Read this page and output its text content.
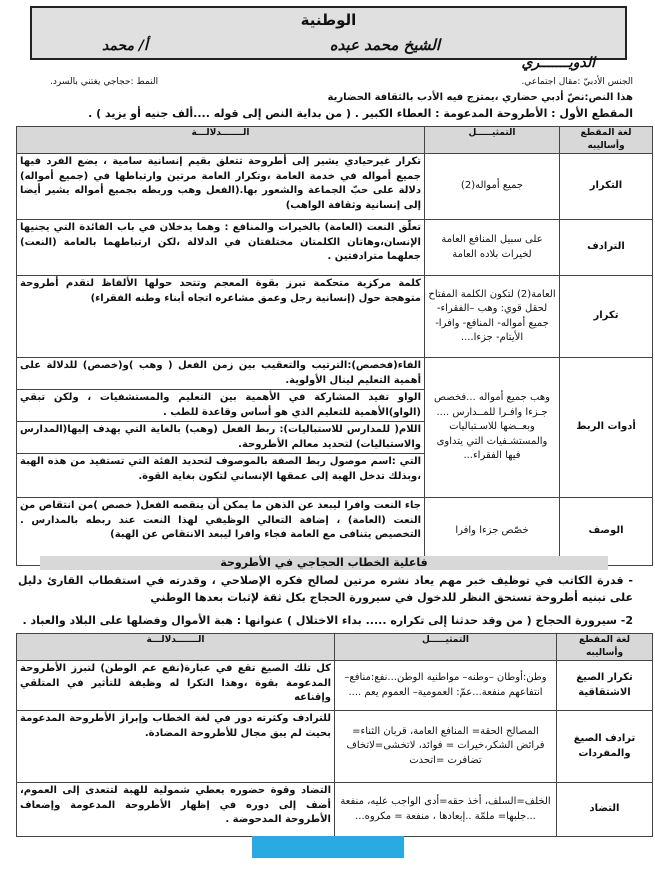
الوطنية
الشيخ محمد عبده
أ/ محمد
الدويـــــــري
الجنس الأدبيّ :مقال اجتماعي.
النمط :حجاجي يغتني بالسرد.
هذا النص:نصّ أدبي حضاري ،يمتزج فيه الأدب بالثقافة الحضارية
المقطع الأول : الأطروحة المدعومة : العطاء الكبير . ( من بداية النص إلى قوله ....ألف جنيه أو يزيد ) .
لغة المقطع وأساليبه	التمثيـــــل	الـــــــدلالـــة
التكرار	جميع أمواله(2)	تكرار غيرحيادي يشير إلى أطروحة تتعلق بقيم إنسانية سامية ، يضع الفرد فيها جميع أمواله في خدمة العامة ،وتكرار العامة مرتين وارتباطها في (جميع أمواله) دلالة على حبّ الجماعة والشعور بها.(الفعل وهب وربطه بجميع أمواله يشير أيضا إلى إنسانية وثقافة الواهب)
الترادف	على سبيل المنافع العامة لخيرات بلاده العامة	تعلّق النعت (العامة) بالخيرات والمنافع : وهما يدخلان في باب الفائدة التي يجنيها الإنسان،وهاتان الكلمتان مختلفتان في الدلالة ،لكن ارتباطهما بالعامة (النعت) جعلهما مترادفتين .
تكرار	العامة(2) لتكون الكلمة المفتاح لحقل قوي: وهب –الفقراء-جميع أمواله- المنافع- وافرا-الأيتام- جزءا....	كلمة مركزية متحكمة تبرز بقوة المعجم وتتحد حولها الألفاظ لتقدم أطروحة متوهجة حول (إنسانية رجل وعمق مشاعره اتجاه أبناء وطنه الفقراء)
أدوات الربط	وهب جميع أمواله ...فخصص جـزءا وافـرا للمــدارس .... وبعــضها للاسـتباليات والمستشـفيات التي يتداوى فيها الفقراء...	الفاء(فخصص):الترتيب والتعقيب بين زمن الفعل ( وهب )و(خصص) للدلالة على أهمية التعليم لينال الأولوية.
الواو تفيد المشاركة في الأهمية بين التعليم والمستشفيات ، ولكن تبقي (الواو)الأهمية للتعليم الذي هو أساس وقاعدة للطب .
اللام( للمدارس للاستباليات): ربط الفعل (وهب) بالغاية التي يهدف إليها(المدارس والاستباليات) لتحديد معالم الأطروحة.
التي :اسم موصول ربط الصفة بالموصوف لتحديد الفئة التي تستفيد من هذه الهبة ،وبذلك تدخل الهبة إلى عمقها الإنساني لتكون بغاية القوة.

الوصف	خصّص جزءا وافرا	جاء النعت وافرا ليبعد عن الذهن ما يمكن أن ينقصه الفعل( خصص )من انتقاص من النعت (العامة) ، إضافة التعالي الوظيفي لهذا النعت عند ربطه بالمدارس . التخصيص يتنافى مع العامة فجاء وافرا ليبعد الانتقاص عن الهبة)
فاعلية الخطاب الحجاجي في الأطروحة
- قدرة الكاتب في توظيف خبر مهم يعاد نشره مرتين لصالح فكره الإصلاحي ، وقدرته في استقطاب القارئ دليل على تبنيه أطروحة تستحق النظر للدخول في سيرورة الحجاج بكل ثقة لإثبات بعدها الوطني
2- سيرورة الحجاج ( من وقد حدثنا إلى تكراره ..... بداء الاختلال ) عنوانها : هبة الأموال وفضلها على البلاد والعباد .
لغة المقطع وأساليبه	التمثيـــــل	الـــــــدلالـــة
تكرار الصيغ الاشتقاقية	وطن:أوطان –وطنه– مواطنيه الوطن...نفع:منافع– انتفاعهم منفعة...عمّ: العمومية– العموم يعم ....	كل تلك الصيغ تقع في عبارة(نفع عم الوطن) لتبرز الأطروحة المدعومة بقوة ،وهذا التكرا له وظيفة للتأثير في المتلقي وإقناعه
ترادف الصيغ والمفردات	المصالح الحقة= المنافع العامة، قربان الثناء= فرائض الشكر،خيرات = فوائد، لاتخشى=لاتخاف تضافرت =اتحدت	للترادف وكثرته دور في لغة الخطاب وإبراز الأطروحة المدعومة بحيث لم يبق مجال للأطروحة المضادة.
التضاد	الخلف=السلف، أخذ حقه=أدى الواجب عليه، منفعة ...جلبها= ملمّة ..إبعادها ، منفعة = مكروه...	التضاد وقوة حضوره يعطي شمولية للهبة لتتعدى إلى العموم، أضف إلى دوره في إظهار الأطروحة المدعومة وإضعاف الأطروحة المدحوضة .
